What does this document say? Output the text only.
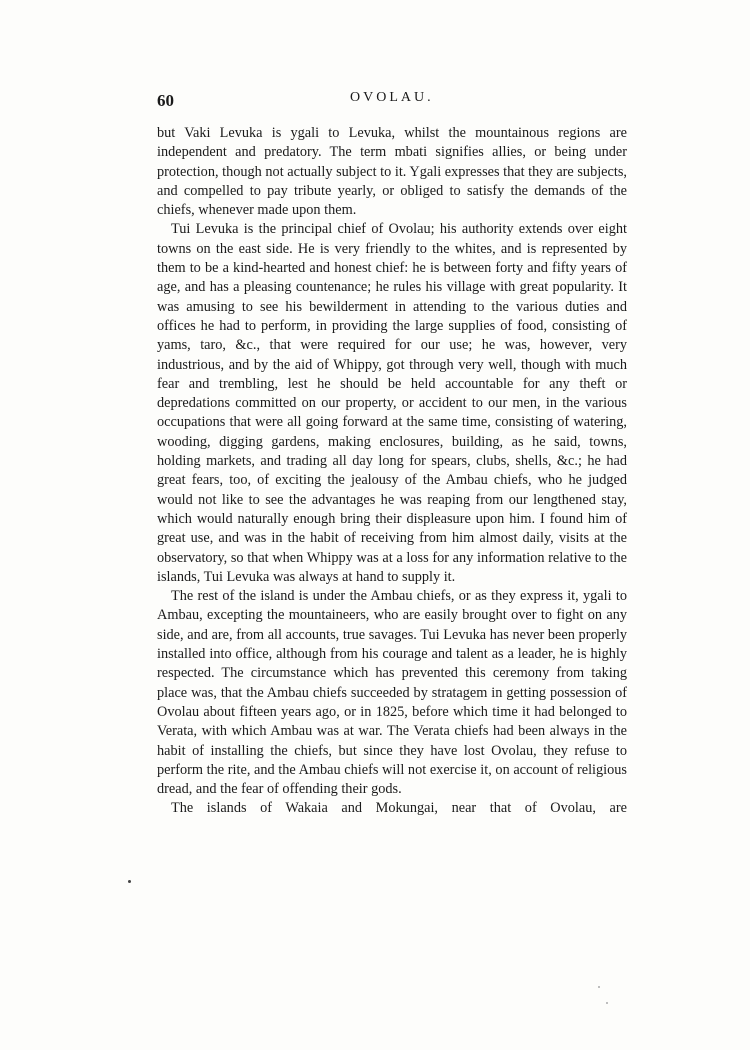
60	OVOLAU.

but Vaki Levuka is ygali to Levuka, whilst the mountainous regions are independent and predatory. The term mbati signifies allies, or being under protection, though not actually subject to it. Ygali expresses that they are subjects, and compelled to pay tribute yearly, or obliged to satisfy the demands of the chiefs, whenever made upon them.

Tui Levuka is the principal chief of Ovolau; his authority extends over eight towns on the east side. He is very friendly to the whites, and is represented by them to be a kind-hearted and honest chief: he is between forty and fifty years of age, and has a pleasing countenance; he rules his village with great popularity. It was amusing to see his bewilderment in attending to the various duties and offices he had to perform, in providing the large supplies of food, consisting of yams, taro, &c., that were required for our use; he was, however, very industrious, and by the aid of Whippy, got through very well, though with much fear and trembling, lest he should be held accountable for any theft or depredations committed on our property, or accident to our men, in the various occupations that were all going forward at the same time, consisting of watering, wooding, digging gardens, making enclosures, building, as he said, towns, holding markets, and trading all day long for spears, clubs, shells, &c.; he had great fears, too, of exciting the jealousy of the Ambau chiefs, who he judged would not like to see the advantages he was reaping from our lengthened stay, which would naturally enough bring their displeasure upon him. I found him of great use, and was in the habit of receiving from him almost daily, visits at the observatory, so that when Whippy was at a loss for any information relative to the islands, Tui Levuka was always at hand to supply it.

The rest of the island is under the Ambau chiefs, or as they express it, ygali to Ambau, excepting the mountaineers, who are easily brought over to fight on any side, and are, from all accounts, true savages. Tui Levuka has never been properly installed into office, although from his courage and talent as a leader, he is highly respected. The circumstance which has prevented this ceremony from taking place was, that the Ambau chiefs succeeded by stratagem in getting possession of Ovolau about fifteen years ago, or in 1825, before which time it had belonged to Verata, with which Ambau was at war. The Verata chiefs had been always in the habit of installing the chiefs, but since they have lost Ovolau, they refuse to perform the rite, and the Ambau chiefs will not exercise it, on account of religious dread, and the fear of offending their gods.

The islands of Wakaia and Mokungai, near that of Ovolau, are
